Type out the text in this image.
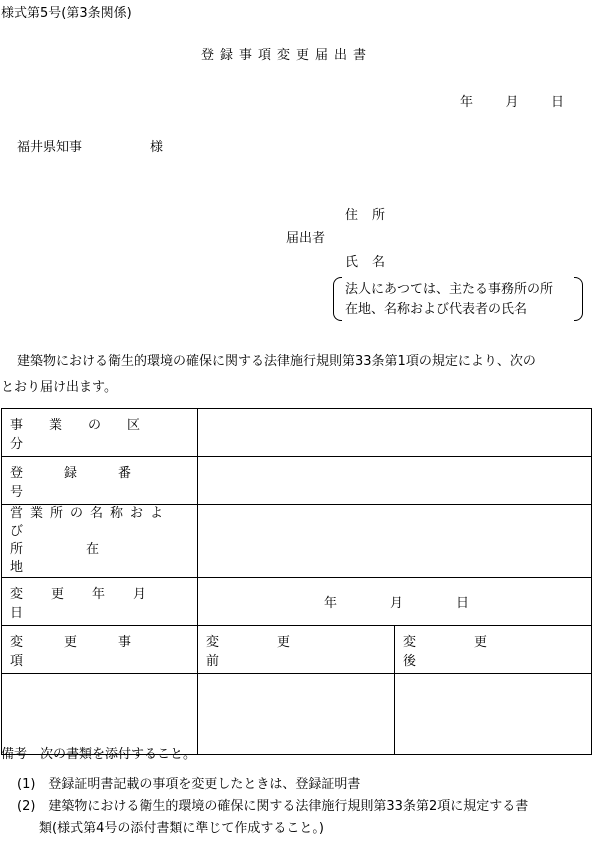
様式第5号(第3条関係)
登録事項変更届出書
年 月 日
福井県知事	様
住所
届出者
氏名
法人にあつては、主たる事務所の所
在地、名称および代表者の氏名
建築物における衛生的環境の確保に関する法律施行規則第33条第1項の規定により、次の
とおり届け出ます。
事業の区分		

登録番号		

営業所の名称および
所在地		

変更年月日	年 月 日	

変更事項	変更前	変更後

備考　次の書類を添付すること。
(1)　登録証明書記載の事項を変更したときは、登録証明書
(2)　建築物における衛生的環境の確保に関する法律施行規則第33条第2項に規定する書
類(様式第4号の添付書類に準じて作成すること。)
